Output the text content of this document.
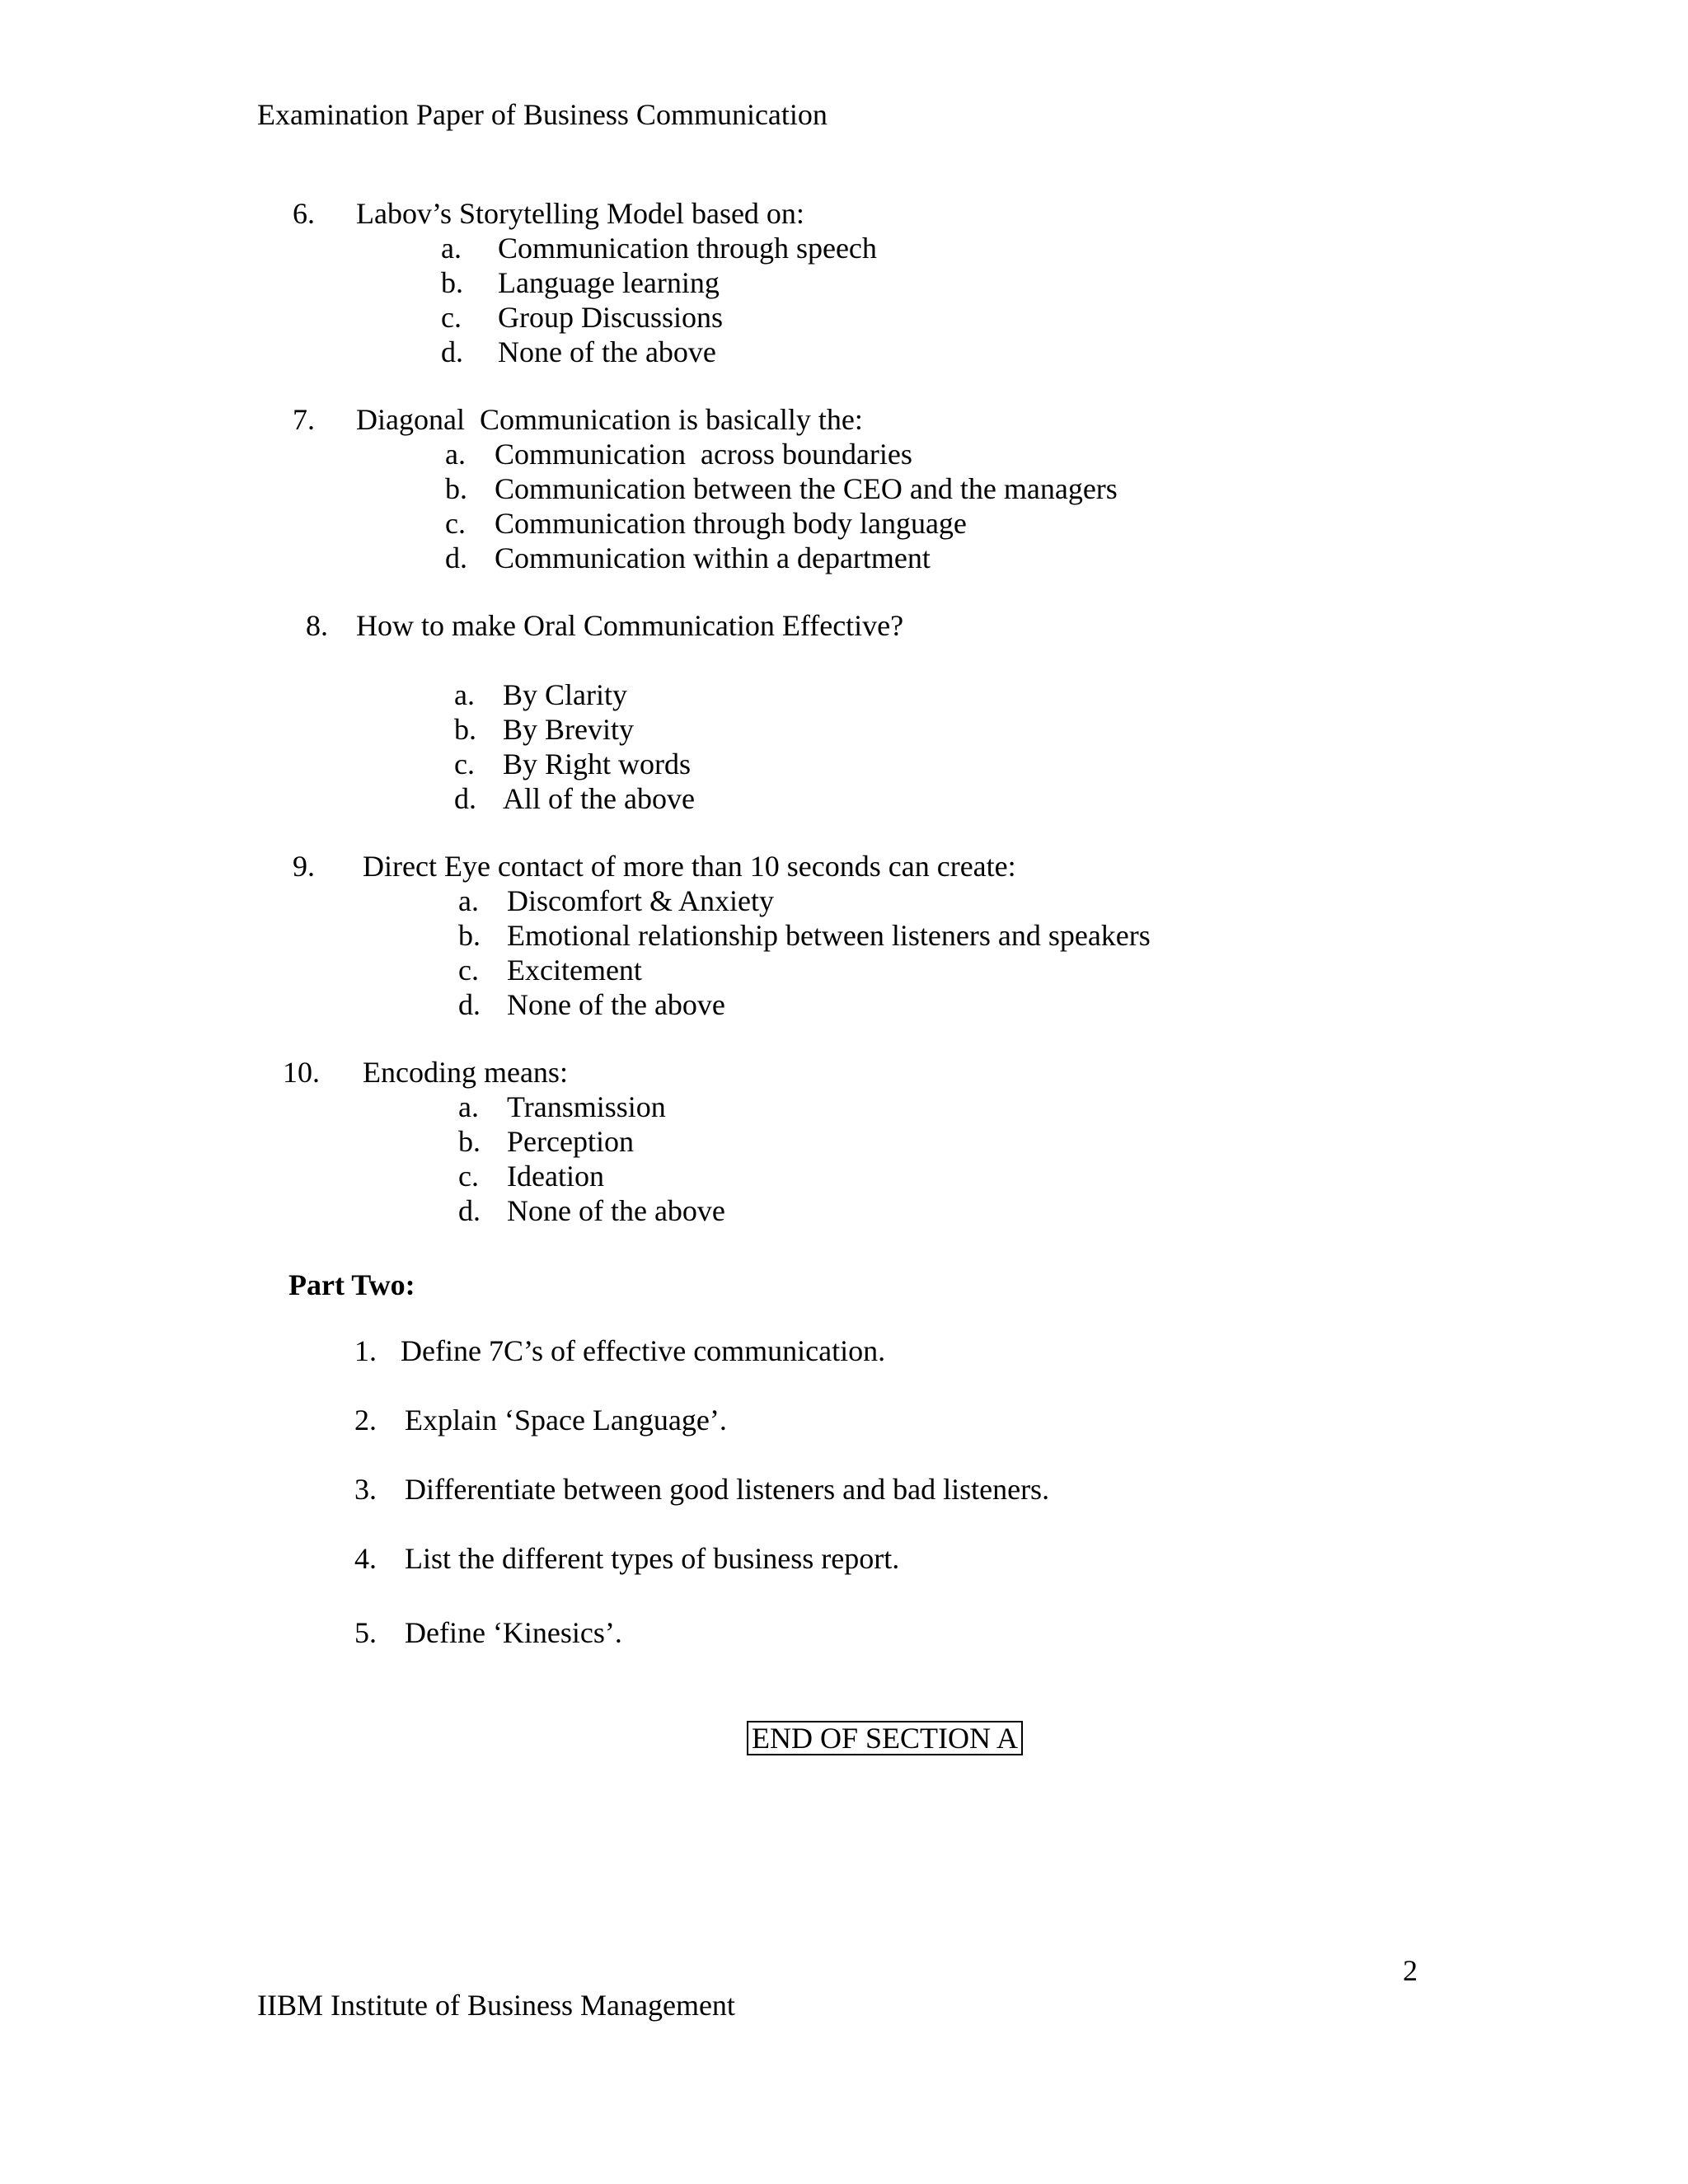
Examination Paper of Business Communication
6. Labov’s Storytelling Model based on:
a. Communication through speech
b. Language learning
c. Group Discussions
d. None of the above
7. Diagonal  Communication is basically the:
a. Communication  across boundaries
b. Communication between the CEO and the managers
c. Communication through body language
d. Communication within a department
8. How to make Oral Communication Effective?
a. By Clarity
b. By Brevity
c. By Right words
d. All of the above
9. Direct Eye contact of more than 10 seconds can create:
a. Discomfort & Anxiety
b. Emotional relationship between listeners and speakers
c. Excitement
d. None of the above
10. Encoding means:
a. Transmission
b. Perception
c. Ideation
d. None of the above
Part Two:
1. Define 7C’s of effective communication.
2. Explain ‘Space Language’.
3. Differentiate between good listeners and bad listeners.
4. List the different types of business report.
5. Define ‘Kinesics’.
END OF SECTION A
2
IIBM Institute of Business Management
